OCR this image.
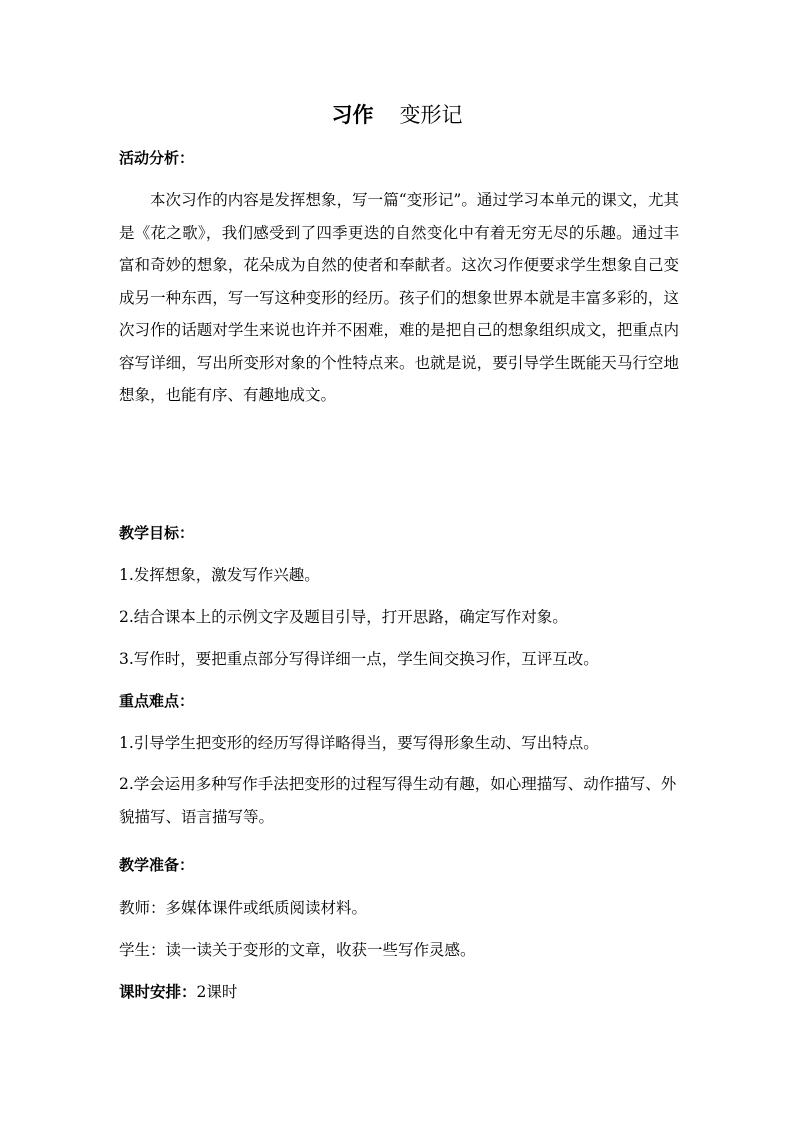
习作 变形记
活动分析：
本次习作的内容是发挥想象，写一篇“变形记”。通过学习本单元的课文，尤其是《花之歌》，我们感受到了四季更迭的自然变化中有着无穷无尽的乐趣。通过丰富和奇妙的想象，花朵成为自然的使者和奉献者。这次习作便要求学生想象自己变成另一种东西，写一写这种变形的经历。孩子们的想象世界本就是丰富多彩的，这次习作的话题对学生来说也许并不困难，难的是把自己的想象组织成文，把重点内容写详细，写出所变形对象的个性特点来。也就是说，要引导学生既能天马行空地想象，也能有序、有趣地成文。
教学目标：
1.发挥想象，激发写作兴趣。
2.结合课本上的示例文字及题目引导，打开思路，确定写作对象。
3.写作时，要把重点部分写得详细一点，学生间交换习作，互评互改。
重点难点：
1.引导学生把变形的经历写得详略得当，要写得形象生动、写出特点。
2.学会运用多种写作手法把变形的过程写得生动有趣，如心理描写、动作描写、外貌描写、语言描写等。
教学准备：
教师：多媒体课件或纸质阅读材料。
学生：读一读关于变形的文章，收获一些写作灵感。
课时安排：2课时
